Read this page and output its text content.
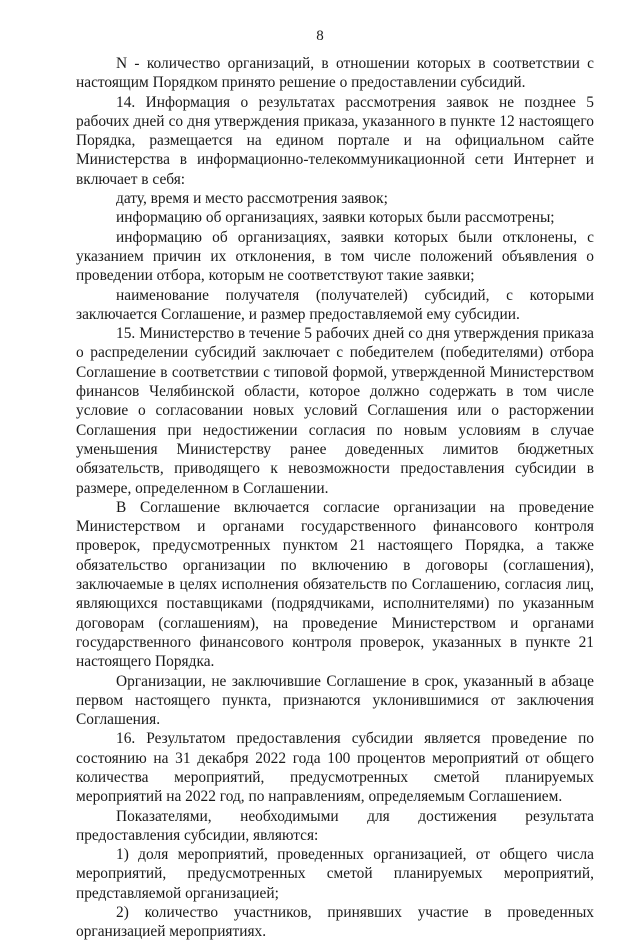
8

N - количество организаций, в отношении которых в соответствии с настоящим Порядком принято решение о предоставлении субсидий.

14. Информация о результатах рассмотрения заявок не позднее 5 рабочих дней со дня утверждения приказа, указанного в пункте 12 настоящего Порядка, размещается на едином портале и на официальном сайте Министерства в информационно-телекоммуникационной сети Интернет и включает в себя:

дату, время и место рассмотрения заявок;

информацию об организациях, заявки которых были рассмотрены;

информацию об организациях, заявки которых были отклонены, с указанием причин их отклонения, в том числе положений объявления о проведении отбора, которым не соответствуют такие заявки;

наименование получателя (получателей) субсидий, с которыми заключается Соглашение, и размер предоставляемой ему субсидии.

15. Министерство в течение 5 рабочих дней со дня утверждения приказа о распределении субсидий заключает с победителем (победителями) отбора Соглашение в соответствии с типовой формой, утвержденной Министерством финансов Челябинской области, которое должно содержать в том числе условие о согласовании новых условий Соглашения или о расторжении Соглашения при недостижении согласия по новым условиям в случае уменьшения Министерству ранее доведенных лимитов бюджетных обязательств, приводящего к невозможности предоставления субсидии в размере, определенном в Соглашении.

В Соглашение включается согласие организации на проведение Министерством и органами государственного финансового контроля проверок, предусмотренных пунктом 21 настоящего Порядка, а также обязательство организации по включению в договоры (соглашения), заключаемые в целях исполнения обязательств по Соглашению, согласия лиц, являющихся поставщиками (подрядчиками, исполнителями) по указанным договорам (соглашениям), на проведение Министерством и органами государственного финансового контроля проверок, указанных в пункте 21 настоящего Порядка.

Организации, не заключившие Соглашение в срок, указанный в абзаце первом настоящего пункта, признаются уклонившимися от заключения Соглашения.

16. Результатом предоставления субсидии является проведение по состоянию на 31 декабря 2022 года 100 процентов мероприятий от общего количества мероприятий, предусмотренных сметой планируемых мероприятий на 2022 год, по направлениям, определяемым Соглашением.

Показателями, необходимыми для достижения результата предоставления субсидии, являются:

1) доля мероприятий, проведенных организацией, от общего числа мероприятий, предусмотренных сметой планируемых мероприятий, представляемой организацией;

2) количество участников, принявших участие в проведенных организацией мероприятиях.
